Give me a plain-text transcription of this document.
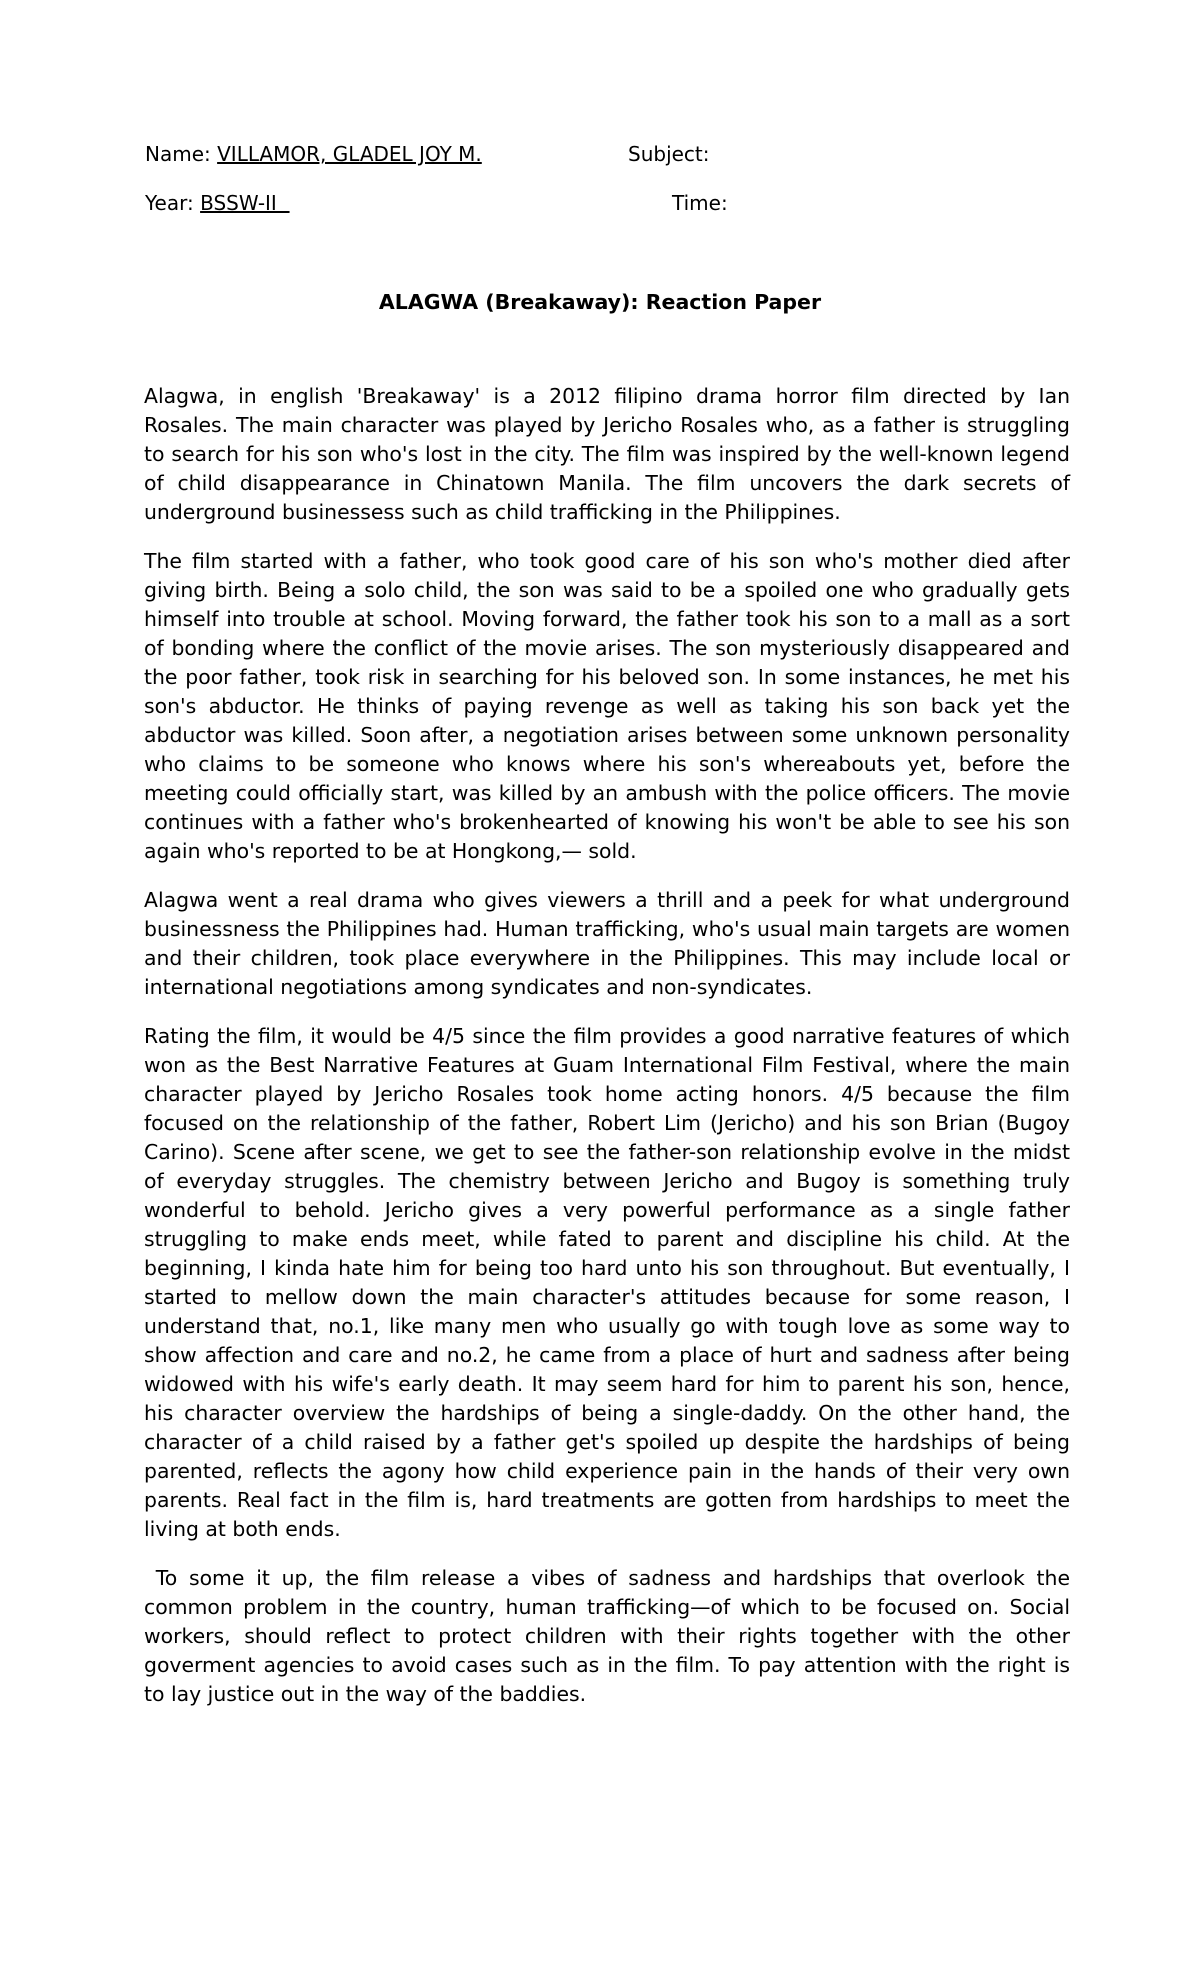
Name: VILLAMOR, GLADEL JOY M.	Subject:
Year: BSSW-II	Time:
ALAGWA (Breakaway): Reaction Paper

Alagwa, in english 'Breakaway' is a 2012 filipino drama horror film directed by Ian Rosales. The main character was played by Jericho Rosales who, as a father is struggling to search for his son who's lost in the city. The film was inspired by the well-known legend of child disappearance in Chinatown Manila. The film uncovers the dark secrets of underground businessess such as child trafficking in the Philippines.

The film started with a father, who took good care of his son who's mother died after giving birth. Being a solo child, the son was said to be a spoiled one who gradually gets himself into trouble at school. Moving forward, the father took his son to a mall as a sort of bonding where the conflict of the movie arises. The son mysteriously disappeared and the poor father, took risk in searching for his beloved son. In some instances, he met his son's abductor. He thinks of paying revenge as well as taking his son back yet the abductor was killed. Soon after, a negotiation arises between some unknown personality who claims to be someone who knows where his son's whereabouts yet, before the meeting could officially start, was killed by an ambush with the police officers. The movie continues with a father who's brokenhearted of knowing his won't be able to see his son again who's reported to be at Hongkong,— sold.

Alagwa went a real drama who gives viewers a thrill and a peek for what underground businessness the Philippines had. Human trafficking, who's usual main targets are women and their children, took place everywhere in the Philippines. This may include local or international negotiations among syndicates and non-syndicates.

Rating the film, it would be 4/5 since the film provides a good narrative features of which won as the Best Narrative Features at Guam International Film Festival, where the main character played by Jericho Rosales took home acting honors. 4/5 because the film focused on the relationship of the father, Robert Lim (Jericho) and his son Brian (Bugoy Carino). Scene after scene, we get to see the father-son relationship evolve in the midst of everyday struggles. The chemistry between Jericho and Bugoy is something truly wonderful to behold. Jericho gives a very powerful performance as a single father struggling to make ends meet, while fated to parent and discipline his child. At the beginning, I kinda hate him for being too hard unto his son throughout. But eventually, I started to mellow down the main character's attitudes because for some reason, I understand that, no.1, like many men who usually go with tough love as some way to show affection and care and no.2, he came from a place of hurt and sadness after being widowed with his wife's early death. It may seem hard for him to parent his son, hence, his character overview the hardships of being a single-daddy. On the other hand, the character of a child raised by a father get's spoiled up despite the hardships of being parented, reflects the agony how child experience pain in the hands of their very own parents. Real fact in the film is, hard treatments are gotten from hardships to meet the living at both ends.

To some it up, the film release a vibes of sadness and hardships that overlook the common problem in the country, human trafficking—of which to be focused on. Social workers, should reflect to protect children with their rights together with the other goverment agencies to avoid cases such as in the film. To pay attention with the right is to lay justice out in the way of the baddies.
